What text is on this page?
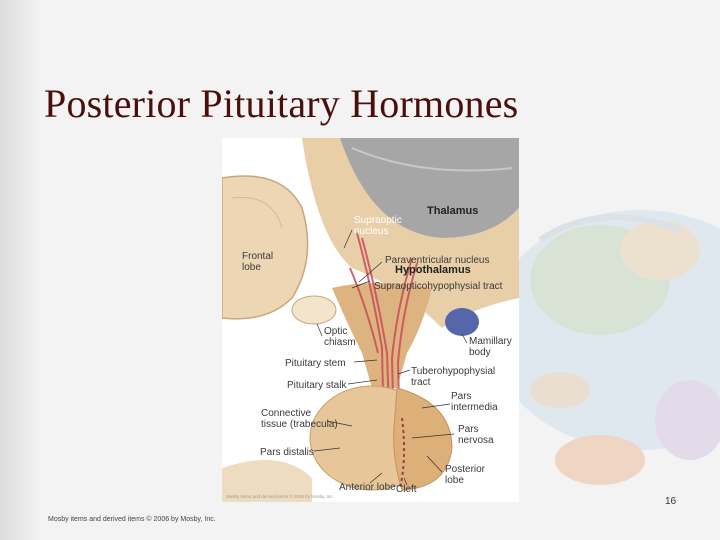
Posterior Pituitary Hormones
Supraoptic
nucleus
Thalamus
Frontal
lobe
Paraventricular nucleus
Hypothalamus
Supraopticohypophysial tract
Optic
chiasm	Mamillary
body
Pituitary stem
Tuberohypophysial
tract
Pituitary stalk
Pars
intermedia
Connective
tissue (trabecula)	Pars
nervosa
Pars distalis
Posterior
lobe
Anterior lobe Cleft
Mosby items and derived items © 2006 by Mosby, Inc.	16
Mosby items and derived items © 2006 by Mosby, Inc.
